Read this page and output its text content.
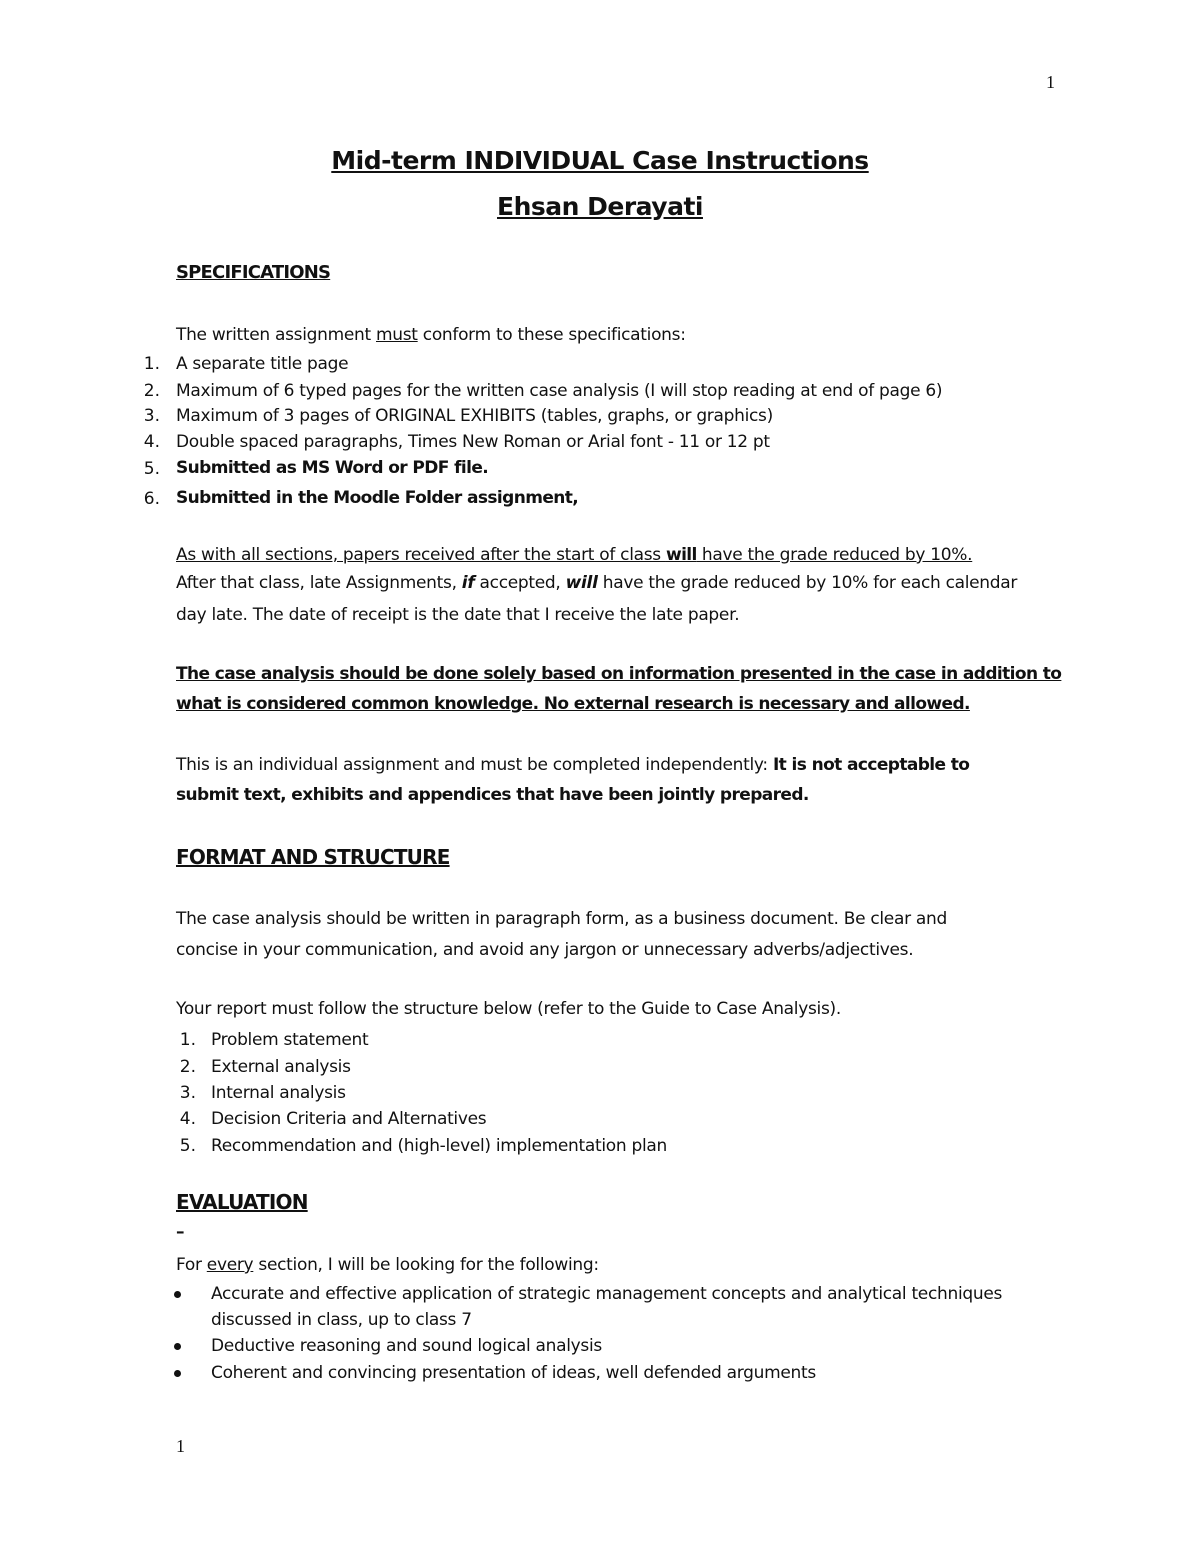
1
Mid-term INDIVIDUAL Case Instructions
Ehsan Derayati
SPECIFICATIONS
The written assignment must conform to these specifications:
1. A separate title page
2. Maximum of 6 typed pages for the written case analysis (I will stop reading at end of page 6)
3. Maximum of 3 pages of ORIGINAL EXHIBITS (tables, graphs, or graphics)
4. Double spaced paragraphs, Times New Roman or Arial font - 11 or 12 pt
5. Submitted as MS Word or PDF file.
6. Submitted in the Moodle Folder assignment,
As with all sections, papers received after the start of class will have the grade reduced by 10%.
After that class, late Assignments, if accepted, will have the grade reduced by 10% for each calendar
day late. The date of receipt is the date that I receive the late paper.
The case analysis should be done solely based on information presented in the case in addition to
what is considered common knowledge. No external research is necessary and allowed.
This is an individual assignment and must be completed independently: It is not acceptable to
submit text, exhibits and appendices that have been jointly prepared.
FORMAT AND STRUCTURE
The case analysis should be written in paragraph form, as a business document. Be clear and
concise in your communication, and avoid any jargon or unnecessary adverbs/adjectives.
Your report must follow the structure below (refer to the Guide to Case Analysis).
1. Problem statement
2. External analysis
3. Internal analysis
4. Decision Criteria and Alternatives
5. Recommendation and (high-level) implementation plan
EVALUATION
–
For every section, I will be looking for the following:
Accurate and effective application of strategic management concepts and analytical techniques
discussed in class, up to class 7
Deductive reasoning and sound logical analysis
Coherent and convincing presentation of ideas, well defended arguments
1
